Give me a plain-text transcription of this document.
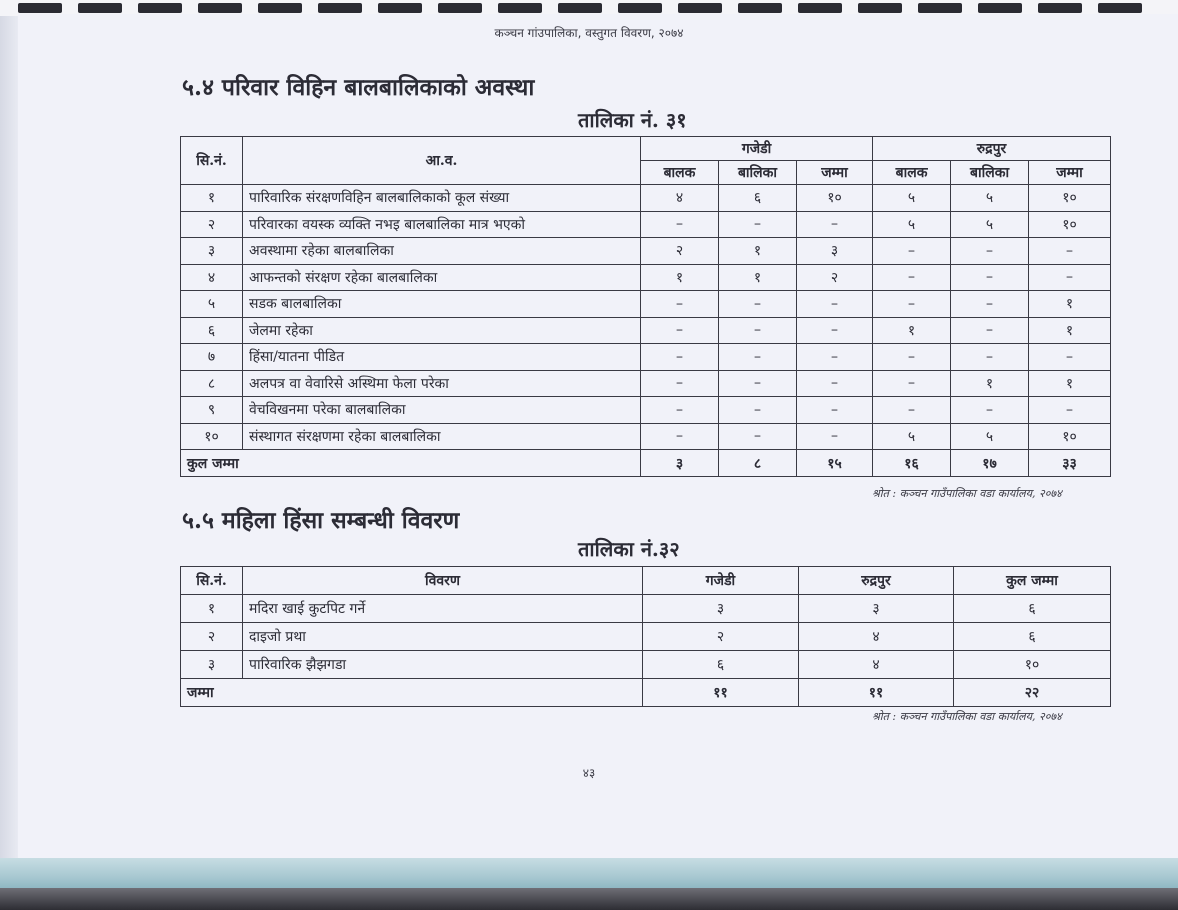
कञ्चन गांउपालिका, वस्तुगत विवरण, २०७४
५.४ परिवार विहिन बालबालिकाको अवस्था
तालिका नं. ३१
सि.नं.	आ.व.	गजेडी			रुद्रपुर		
		बालक	बालिका	जम्मा	बालक	बालिका	जम्मा
१	पारिवारिक संरक्षणविहिन बालबालिकाको कूल संख्या	४	६	१०	५	५	१०
२	परिवारका वयस्क व्यक्ति नभइ बालबालिका मात्र भएको	–	–	–	५	५	१०
३	अवस्थामा रहेका बालबालिका	२	१	३	–	–	–
४	आफन्तको संरक्षण रहेका बालबालिका	१	१	२	–	–	–
५	सडक बालबालिका	–	–	–	–	–	१
६	जेलमा रहेका	–	–	–	१	–	१
७	हिंसा/यातना पीडित	–	–	–	–	–	–
८	अलपत्र वा वेवारिसे अस्थिमा फेला परेका	–	–	–	–	१	१
९	वेचविखनमा परेका बालबालिका	–	–	–	–	–	–
१०	संस्थागत संरक्षणमा रहेका बालबालिका	–	–	–	५	५	१०
कुल जम्मा		३	८	१५	१६	१७	३३
श्रोत : कञ्चन गाउँपालिका वडा कार्यालय, २०७४
५.५ महिला हिंसा सम्बन्धी विवरण
तालिका नं.३२
सि.नं.	विवरण	गजेडी	रुद्रपुर	कुल जम्मा
१	मदिरा खाई कुटपिट गर्ने	३	३	६
२	दाइजो प्रथा	२	४	६
३	पारिवारिक झैझगडा	६	४	१०
जम्मा		११	११	२२
श्रोत : कञ्चन गाउँपालिका वडा कार्यालय, २०७४
४३
